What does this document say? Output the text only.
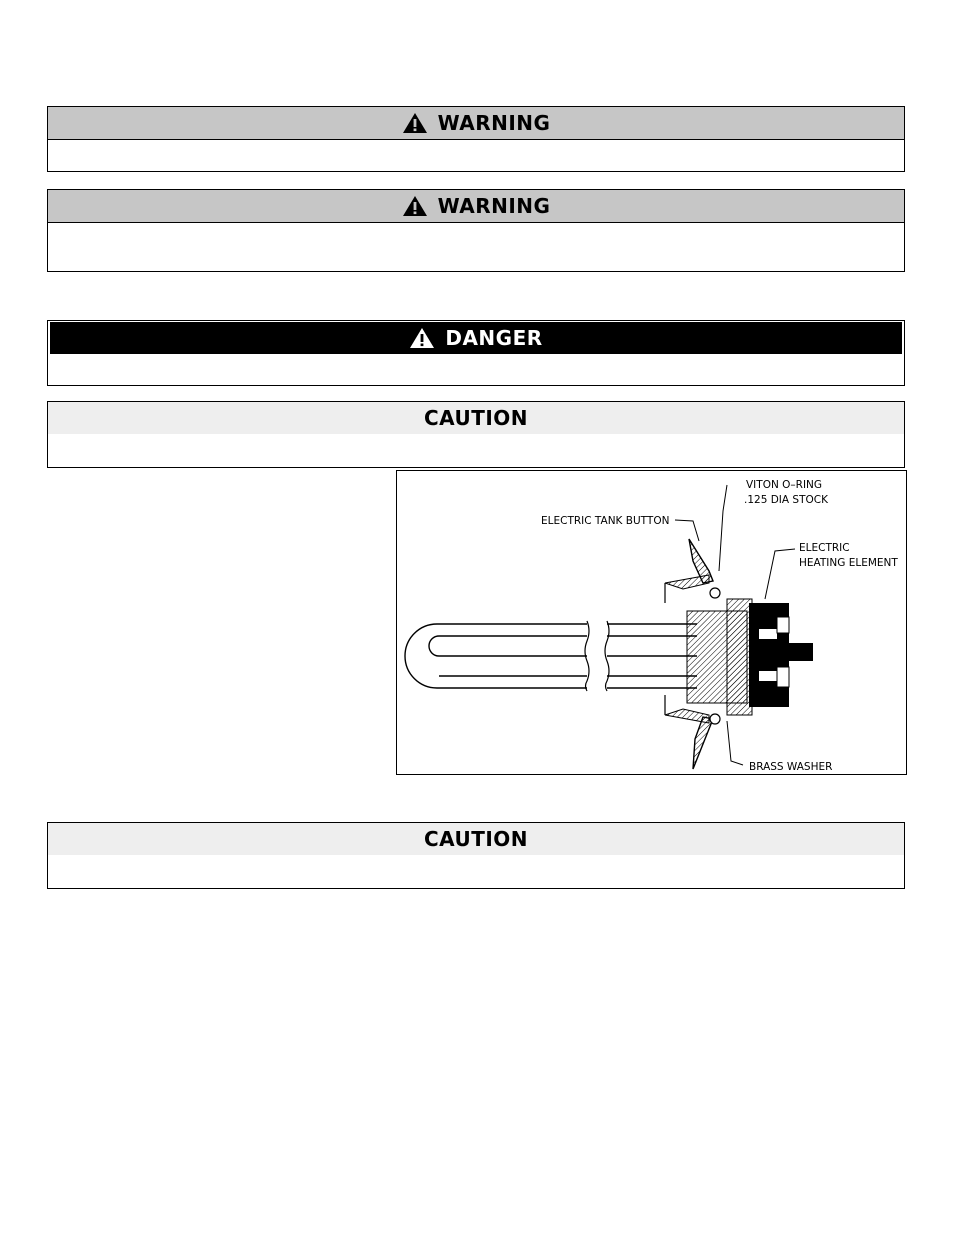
WARNING
WARNING
DANGER
CAUTION
VITON O–RING
.125 DIA STOCK
ELECTRIC TANK BUTTON
ELECTRIC
HEATING ELEMENT
BRASS WASHER
CAUTION
